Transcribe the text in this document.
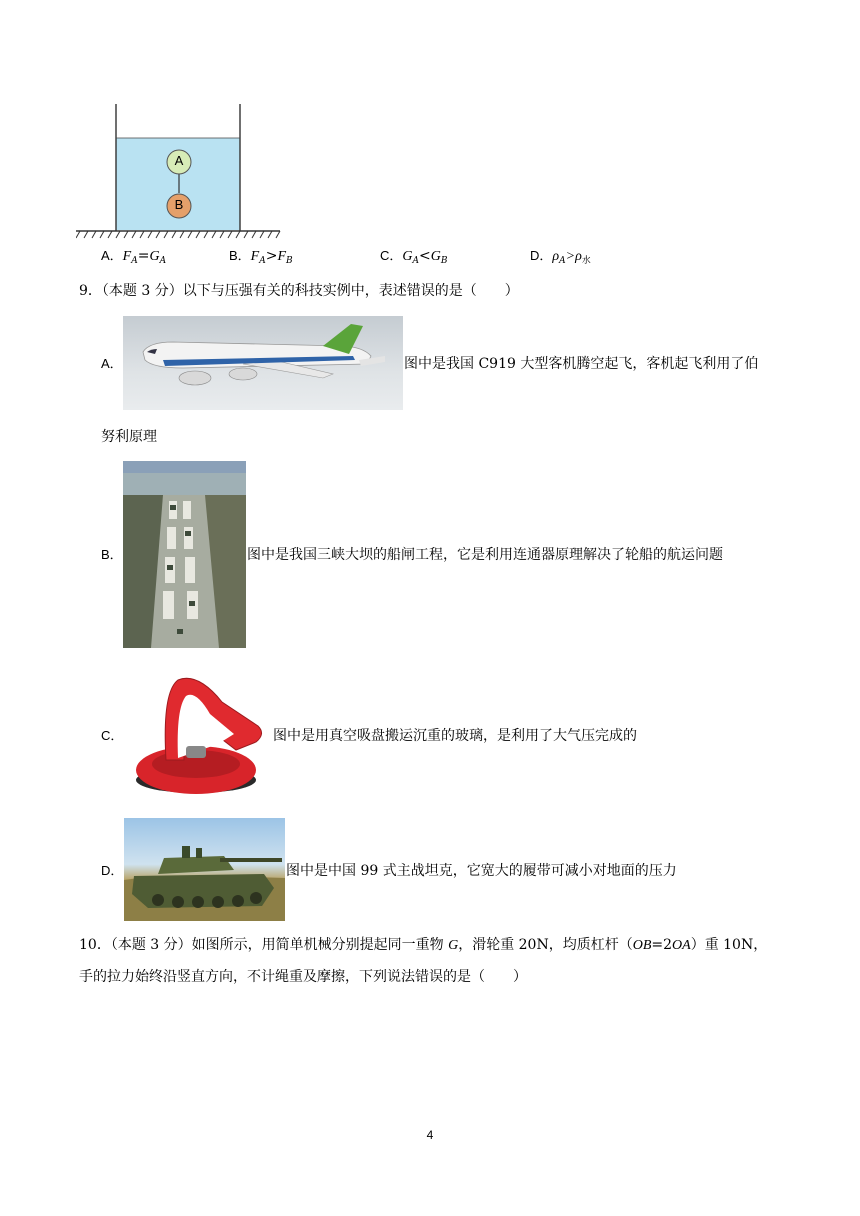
A
B
A．$F_A=G_A$	B．$F_A>F_B$	C．$G_A<G_B$	D．$\rho_A>\rho_水$
9．（本题 3 分）以下与压强有关的科技实例中，表述错误的是（　　）
A．	图中是我国 C919 大型客机腾空起飞，客机起飞利用了伯
努利原理
B．	图中是我国三峡大坝的船闸工程，它是利用连通器原理解决了轮船的航运问题
C．	图中是用真空吸盘搬运沉重的玻璃，是利用了大气压完成的
D．	图中是中国 99 式主战坦克，它宽大的履带可减小对地面的压力
10．（本题 3 分）如图所示，用简单机械分别提起同一重物 G，滑轮重 20N，均质杠杆（OB=2OA）重 10N，
手的拉力始终沿竖直方向，不计绳重及摩擦，下列说法错误的是（　　）
4
